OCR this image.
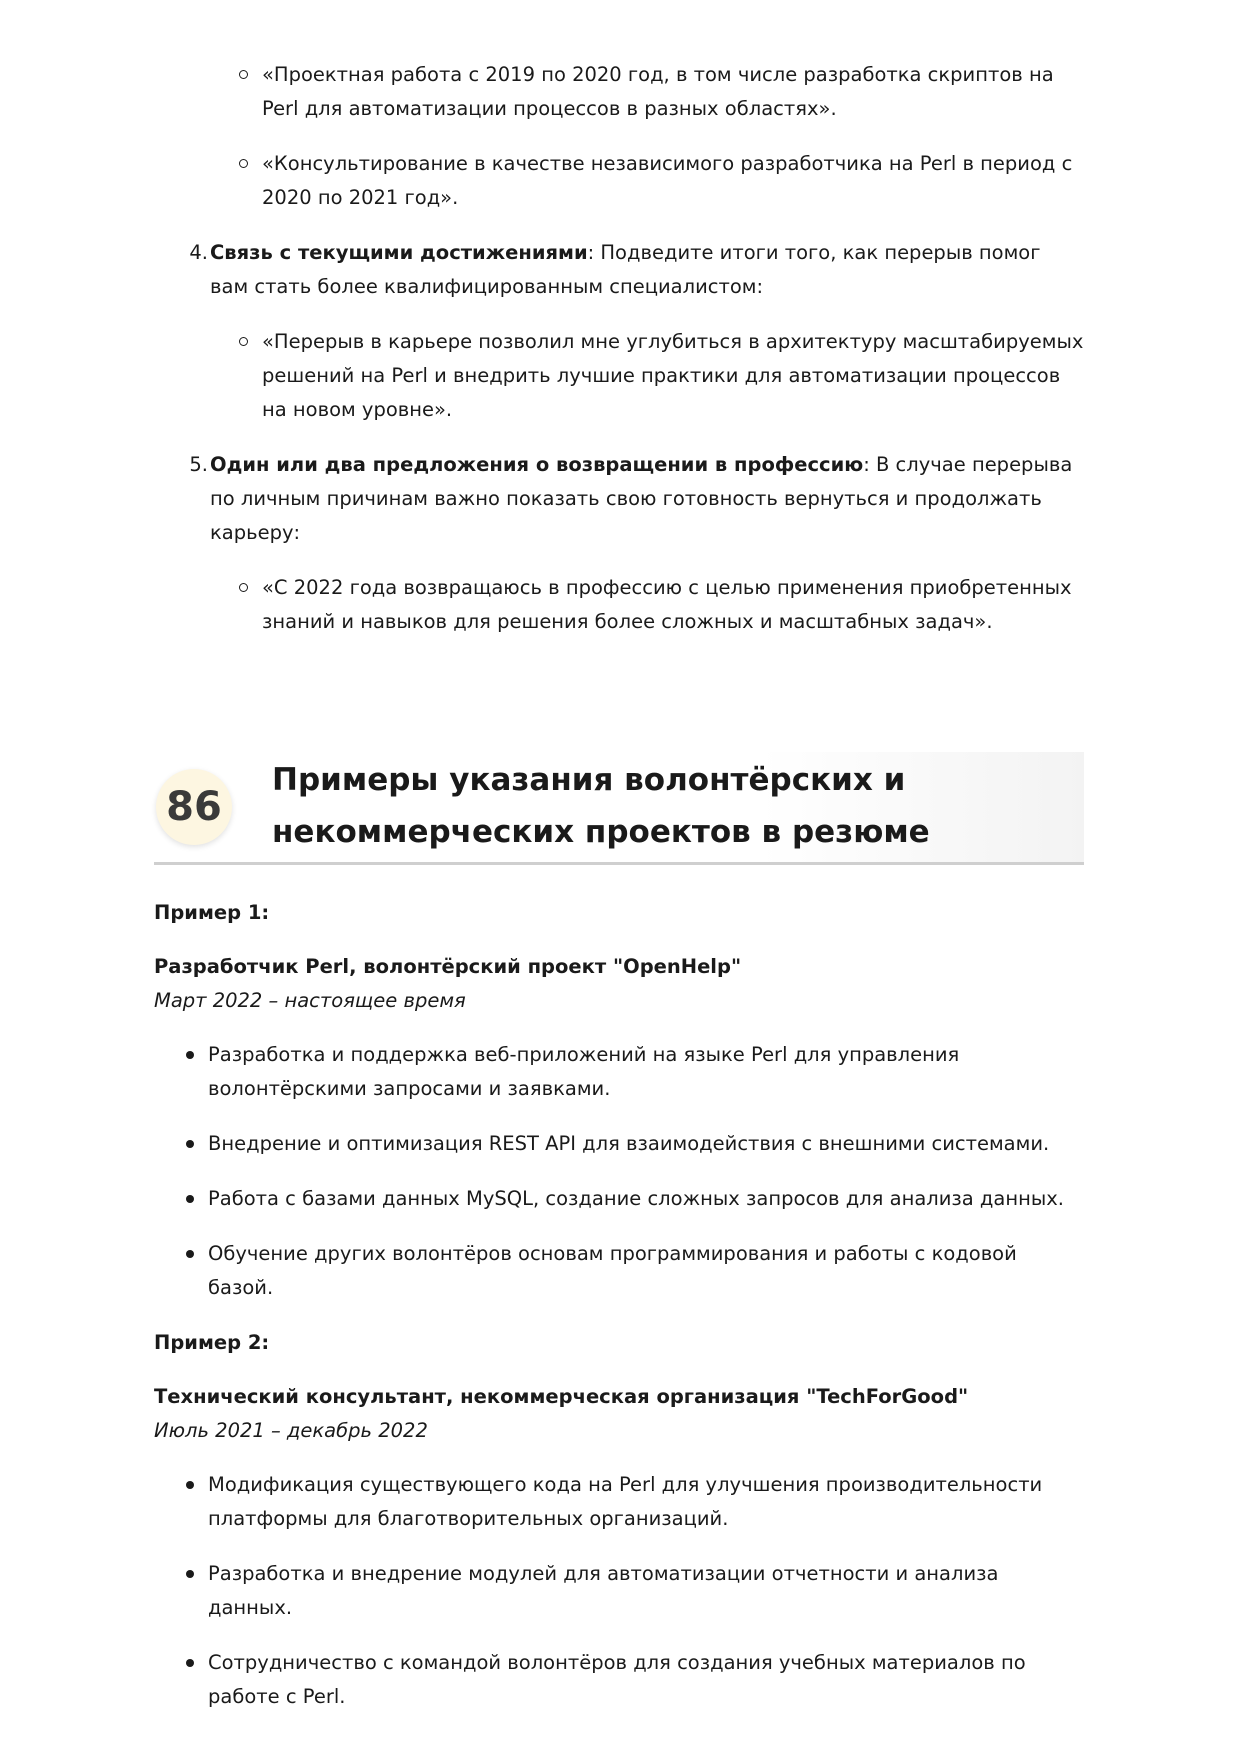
«Проектная работа с 2019 по 2020 год, в том числе разработка скриптов на Perl для автоматизации процессов в разных областях».
«Консультирование в качестве независимого разработчика на Perl в период с 2020 по 2021 год».
4. Связь с текущими достижениями: Подведите итоги того, как перерыв помог вам стать более квалифицированным специалистом:
«Перерыв в карьере позволил мне углубиться в архитектуру масштабируемых решений на Perl и внедрить лучшие практики для автоматизации процессов на новом уровне».
5. Один или два предложения о возвращении в профессию: В случае перерыва по личным причинам важно показать свою готовность вернуться и продолжать карьеру:
«С 2022 года возвращаюсь в профессию с целью применения приобретенных знаний и навыков для решения более сложных и масштабных задач».
86
Примеры указания волонтёрских и некоммерческих проектов в резюме

Пример 1:

Разработчик Perl, волонтёрский проект "OpenHelp"

Март 2022 – настоящее время

Разработка и поддержка веб-приложений на языке Perl для управления волонтёрскими запросами и заявками.
Внедрение и оптимизация REST API для взаимодействия с внешними системами.
Работа с базами данных MySQL, создание сложных запросов для анализа данных.
Обучение других волонтёров основам программирования и работы с кодовой базой.

Пример 2:

Технический консультант, некоммерческая организация "TechForGood"

Июль 2021 – декабрь 2022

Модификация существующего кода на Perl для улучшения производительности платформы для благотворительных организаций.
Разработка и внедрение модулей для автоматизации отчетности и анализа данных.
Сотрудничество с командой волонтёров для создания учебных материалов по работе с Perl.
